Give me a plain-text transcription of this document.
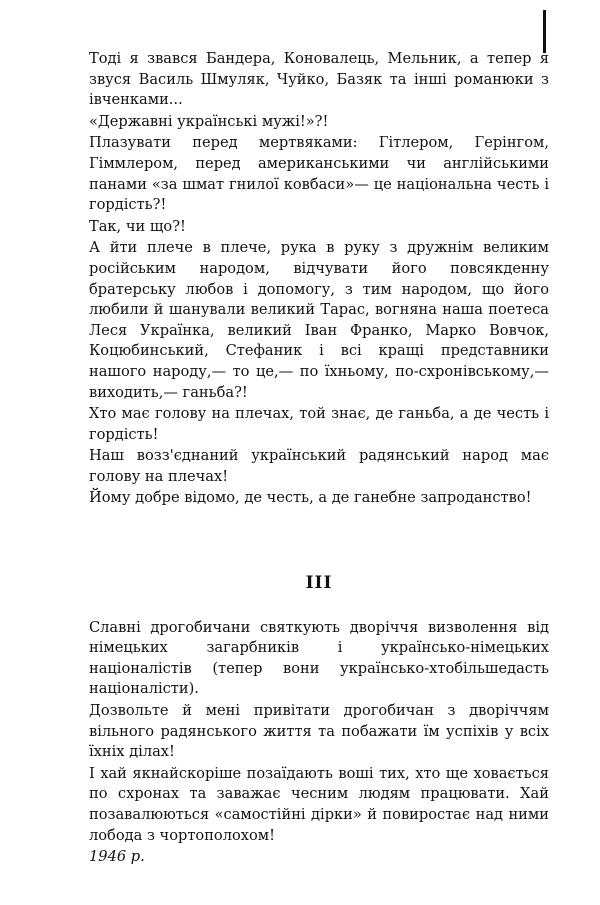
Тоді я звався Бандера, Коновалець, Мельник, а тепер я звуся Василь Шмуляк, Чуйко, Базяк та інші романюки з івченками...

«Державні українські мужі!»?!

Плазувати перед мертвяками: Гітлером, Герінгом, Гіммлером, перед американськими чи англійськими панами «за шмат гнилої ковбаси»— це національна честь і гордість?!

Так, чи що?!

А йти плече в плече, рука в руку з дружнім великим російським народом, відчувати його повсякденну братерську любов і допомогу, з тим народом, що його любили й шанували великий Тарас, вогняна наша поетеса Леся Українка, великий Іван Франко, Марко Вовчок, Коцюбинський, Стефаник і всі кращі представники нашого народу,— то це,— по їхньому, по-схронівському,— виходить,— ганьба?!

Хто має голову на плечах, той знає, де ганьба, а де честь і гордість!

Наш возз'єднаний український радянський народ має голову на плечах!

Йому добре відомо, де честь, а де ганебне запроданство!

III

Славні дрогобичани святкують дворіччя визволення від німецьких загарбників і українсько-німецьких націоналістів (тепер вони українсько-хтобільшедасть націоналісти).

Дозвольте й мені привітати дрогобичан з дворіччям вільного радянського життя та побажати їм успіхів у всіх їхніх ділах!

І хай якнайскоріше позаїдають воші тих, хто ще ховається по схронах та заважає чесним людям працювати. Хай позавалюються «самостійні дірки» й повиростає над ними лобода з чортополохом!

1946 р.
